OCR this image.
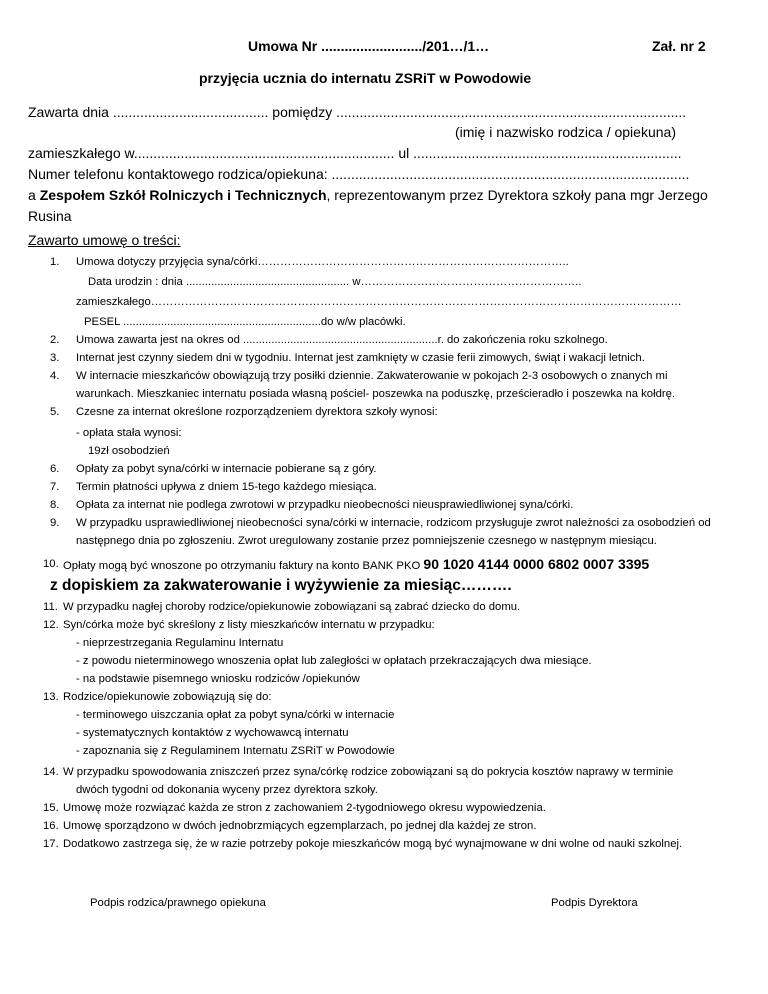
Umowa Nr ........................../201…/1…	Zał. nr 2
przyjęcia ucznia do internatu ZSRiT w Powodowie
Zawarta dnia ........................................ pomiędzy ..........................................................................................
(imię i nazwisko rodzica / opiekuna)
zamieszkałego w................................................................... ul .....................................................................
Numer telefonu kontaktowego rodzica/opiekuna: ............................................................................................
a Zespołem Szkół Rolniczych i Technicznych, reprezentowanym przez Dyrektora szkoły pana mgr Jerzego
Rusina
Zawarto umowę o treści:
1. Umowa dotyczy przyjęcia syna/córki………………………………………………………………………..
Data urodzin : dnia .................................................... w…………………………………………………..
zamieszkałego……………………………………………………………………………………………………………………………
PESEL ...............................................................do w/w placówki.
2. Umowa zawarta jest na okres od ..............................................................r. do zakończenia roku szkolnego.
3. Internat jest czynny siedem dni w tygodniu. Internat jest zamknięty w czasie ferii zimowych, świąt i wakacji letnich.
4. W internacie mieszkańców obowiązują trzy posiłki dziennie. Zakwaterowanie w pokojach 2-3 osobowych o znanych mi
warunkach. Mieszkaniec internatu posiada własną pościel- poszewka na poduszkę, prześcieradło i poszewka na kołdrę.
5. Czesne za internat określone rozporządzeniem dyrektora szkoły wynosi:
- opłata stała wynosi:
19zł osobodzień
6. Opłaty za pobyt syna/córki w internacie pobierane są z góry.
7. Termin płatności upływa z dniem 15-tego każdego miesiąca.
8. Opłata za internat nie podlega zwrotowi w przypadku nieobecności nieusprawiedliwionej syna/córki.
9. W przypadku usprawiedliwionej nieobecności syna/córki w internacie, rodzicom przysługuje zwrot należności za osobodzień od
następnego dnia po zgłoszeniu. Zwrot uregulowany zostanie przez pomniejszenie czesnego w następnym miesiącu.
10. Opłaty mogą być wnoszone po otrzymaniu faktury na konto BANK PKO 90 1020 4144 0000 6802 0007 3395
z dopiskiem za zakwaterowanie i wyżywienie za miesiąc……….
11. W przypadku nagłej choroby rodzice/opiekunowie zobowiązani są zabrać dziecko do domu.
12. Syn/córka może być skreślony z listy mieszkańców internatu w przypadku:
- nieprzestrzegania Regulaminu Internatu
- z powodu nieterminowego wnoszenia opłat lub zaległości w opłatach przekraczających dwa miesiące.
- na podstawie pisemnego wniosku rodziców /opiekunów
13. Rodzice/opiekunowie zobowiązują się do:
- terminowego uiszczania opłat za pobyt syna/córki w internacie
- systematycznych kontaktów z wychowawcą internatu
- zapoznania się z Regulaminem Internatu ZSRiT w Powodowie
14. W przypadku spowodowania zniszczeń przez syna/córkę rodzice zobowiązani są do pokrycia kosztów naprawy w terminie
dwóch tygodni od dokonania wyceny przez dyrektora szkoły.
15. Umowę może rozwiązać każda ze stron z zachowaniem 2-tygodniowego okresu wypowiedzenia.
16. Umowę sporządzono w dwóch jednobrzmiących egzemplarzach, po jednej dla każdej ze stron.
17. Dodatkowo zastrzega się, że w razie potrzeby pokoje mieszkańców mogą być wynajmowane w dni wolne od nauki szkolnej.
Podpis rodzica/prawnego opiekuna	Podpis Dyrektora
